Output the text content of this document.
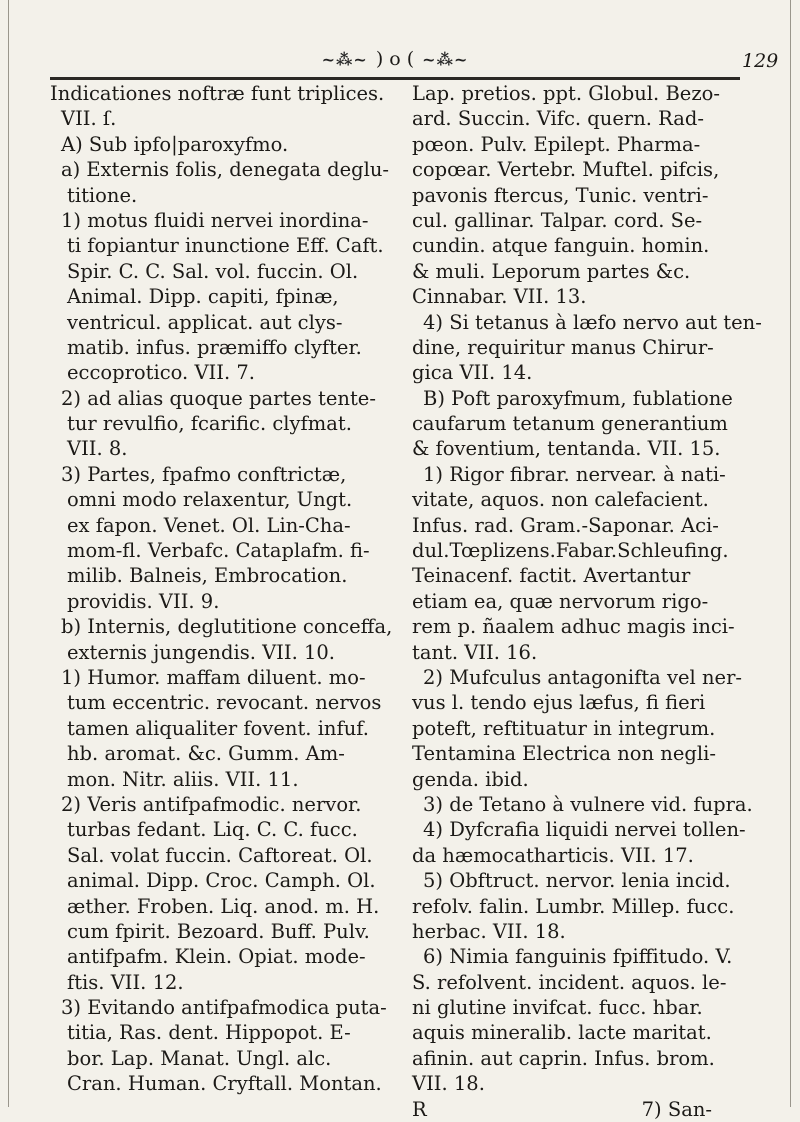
~⁂~ ) o ( ~⁂~	129
Indicationes noftræ funt triplices.
VII. ſ.
A) Sub ipfo|paroxyfmo.
a) Externis folis, denegata deglu-
titione.
1) motus fluidi nervei inordina-
ti fopiantur inunctione Eff. Caft.
Spir. C. C. Sal. vol. fuccin. Ol.
Animal. Dipp. capiti, fpinæ,
ventricul. applicat. aut clys-
matib. infus. præmiffo clyfter.
eccoprotico. VII. 7.
2) ad alias quoque partes tente-
tur revulfio, fcarific. clyfmat.
VII. 8.
3) Partes, fpafmo conftrictæ,
omni modo relaxentur, Ungt.
ex fapon. Venet. Ol. Lin-Cha-
mom-fl. Verbafc. Cataplafm. fi-
milib. Balneis, Embrocation.
providis. VII. 9.
b) Internis, deglutitione conceffa,
externis jungendis. VII. 10.
1) Humor. maffam diluent. mo-
tum eccentric. revocant. nervos
tamen aliqualiter fovent. infuf.
hb. aromat. &c. Gumm. Am-
mon. Nitr. aliis. VII. 11.
2) Veris antifpafmodic. nervor.
turbas fedant. Liq. C. C. fucc.
Sal. volat fuccin. Caftoreat. Ol.
animal. Dipp. Croc. Camph. Ol.
æther. Froben. Liq. anod. m. H.
cum fpirit. Bezoard. Buff. Pulv.
antifpafm. Klein. Opiat. mode-
ftis. VII. 12.
3) Evitando antifpafmodica puta-
titia, Ras. dent. Hippopot. E-
bor. Lap. Manat. Ungl. alc.
Cran. Human. Cryftall. Montan.
Lap. pretios. ppt. Globul. Bezo-
ard. Succin. Vifc. quern. Rad-
pœon. Pulv. Epilept. Pharma-
copœar. Vertebr. Muftel. pifcis,
pavonis ftercus, Tunic. ventri-
cul. gallinar. Talpar. cord. Se-
cundin. atque fanguin. homin.
& muli. Leporum partes &c.
Cinnabar. VII. 13.
4) Si tetanus à læfo nervo aut ten-
dine, requiritur manus Chirur-
gica VII. 14.
B) Poft paroxyfmum, fublatione
caufarum tetanum generantium
& foventium, tentanda. VII. 15.
1) Rigor fibrar. nervear. à nati-
vitate, aquos. non calefacient.
Infus. rad. Gram.-Saponar. Aci-
dul.Tœplizens.Fabar.Schleufing.
Teinacenf. factit. Avertantur
etiam ea, quæ nervorum rigo-
rem p. ñaalem adhuc magis inci-
tant. VII. 16.
2) Mufculus antagonifta vel ner-
vus l. tendo ejus læfus, fi fieri
poteft, reftituatur in integrum.
Tentamina Electrica non negli-
genda. ibid.
3) de Tetano à vulnere vid. fupra.
4) Dyfcrafia liquidi nervei tollen-
da hæmocatharticis. VII. 17.
5) Obftruct. nervor. lenia incid.
refolv. falin. Lumbr. Millep. fucc.
herbac. VII. 18.
6) Nimia fanguinis fpiffitudo. V.
S. refolvent. incident. aquos. le-
ni glutine invifcat. fucc. hbar.
aquis mineralib. lacte maritat.
afinin. aut caprin. Infus. brom.
VII. 18.
R	7) San-
